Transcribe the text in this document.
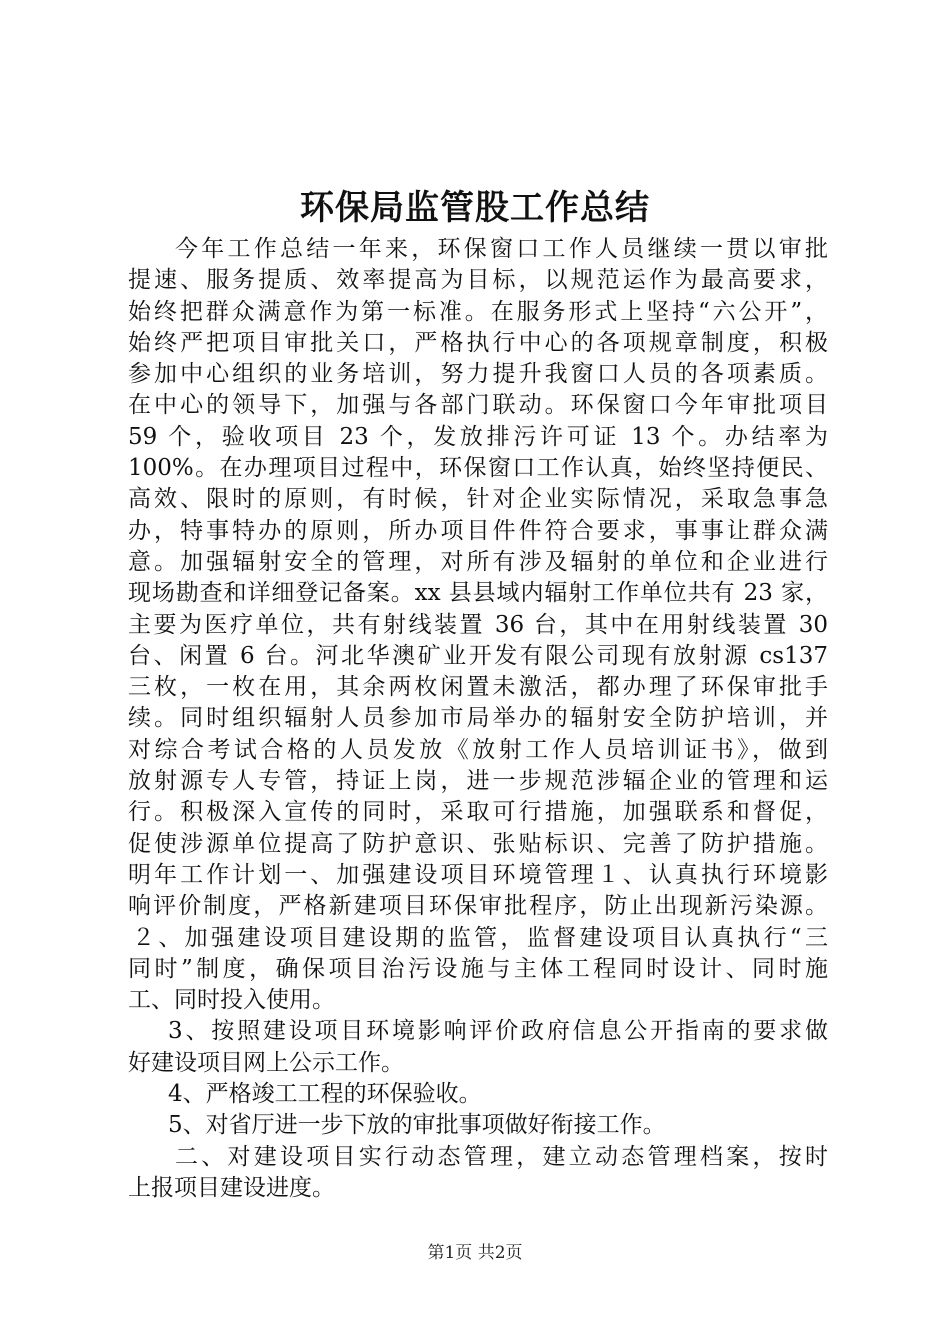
环保局监管股工作总结
今年工作总结一年来，环保窗口工作人员继续一贯以审批
提速、服务提质、效率提高为目标，以规范运作为最高要求，
始终把群众满意作为第一标准。在服务形式上坚持“六公开”，
始终严把项目审批关口，严格执行中心的各项规章制度，积极
参加中心组织的业务培训，努力提升我窗口人员的各项素质。
在中心的领导下，加强与各部门联动。环保窗口今年审批项目
59 个，验收项目 23 个，发放排污许可证 13 个。办结率为
100%。在办理项目过程中，环保窗口工作认真，始终坚持便民、
高效、限时的原则，有时候，针对企业实际情况，采取急事急
办，特事特办的原则，所办项目件件符合要求，事事让群众满
意。加强辐射安全的管理，对所有涉及辐射的单位和企业进行
现场勘查和详细登记备案。xx 县县域内辐射工作单位共有 23 家，
主要为医疗单位，共有射线装置 36 台，其中在用射线装置 30
台、闲置 6 台。河北华澳矿业开发有限公司现有放射源 cs137
三枚，一枚在用，其余两枚闲置未激活，都办理了环保审批手
续。同时组织辐射人员参加市局举办的辐射安全防护培训，并
对综合考试合格的人员发放《放射工作人员培训证书》，做到
放射源专人专管，持证上岗，进一步规范涉辐企业的管理和运
行。积极深入宣传的同时，采取可行措施，加强联系和督促，
促使涉源单位提高了防护意识、张贴标识、完善了防护措施。
明年工作计划一、加强建设项目环境管理１、认真执行环境影
响评价制度，严格新建项目环保审批程序，防止出现新污染源。
２、加强建设项目建设期的监管，监督建设项目认真执行“三
同时”制度，确保项目治污设施与主体工程同时设计、同时施
工、同时投入使用。
3、按照建设项目环境影响评价政府信息公开指南的要求做
好建设项目网上公示工作。
4、严格竣工工程的环保验收。
5、对省厅进一步下放的审批事项做好衔接工作。
二、对建设项目实行动态管理，建立动态管理档案，按时
上报项目建设进度。
第1页 共2页
